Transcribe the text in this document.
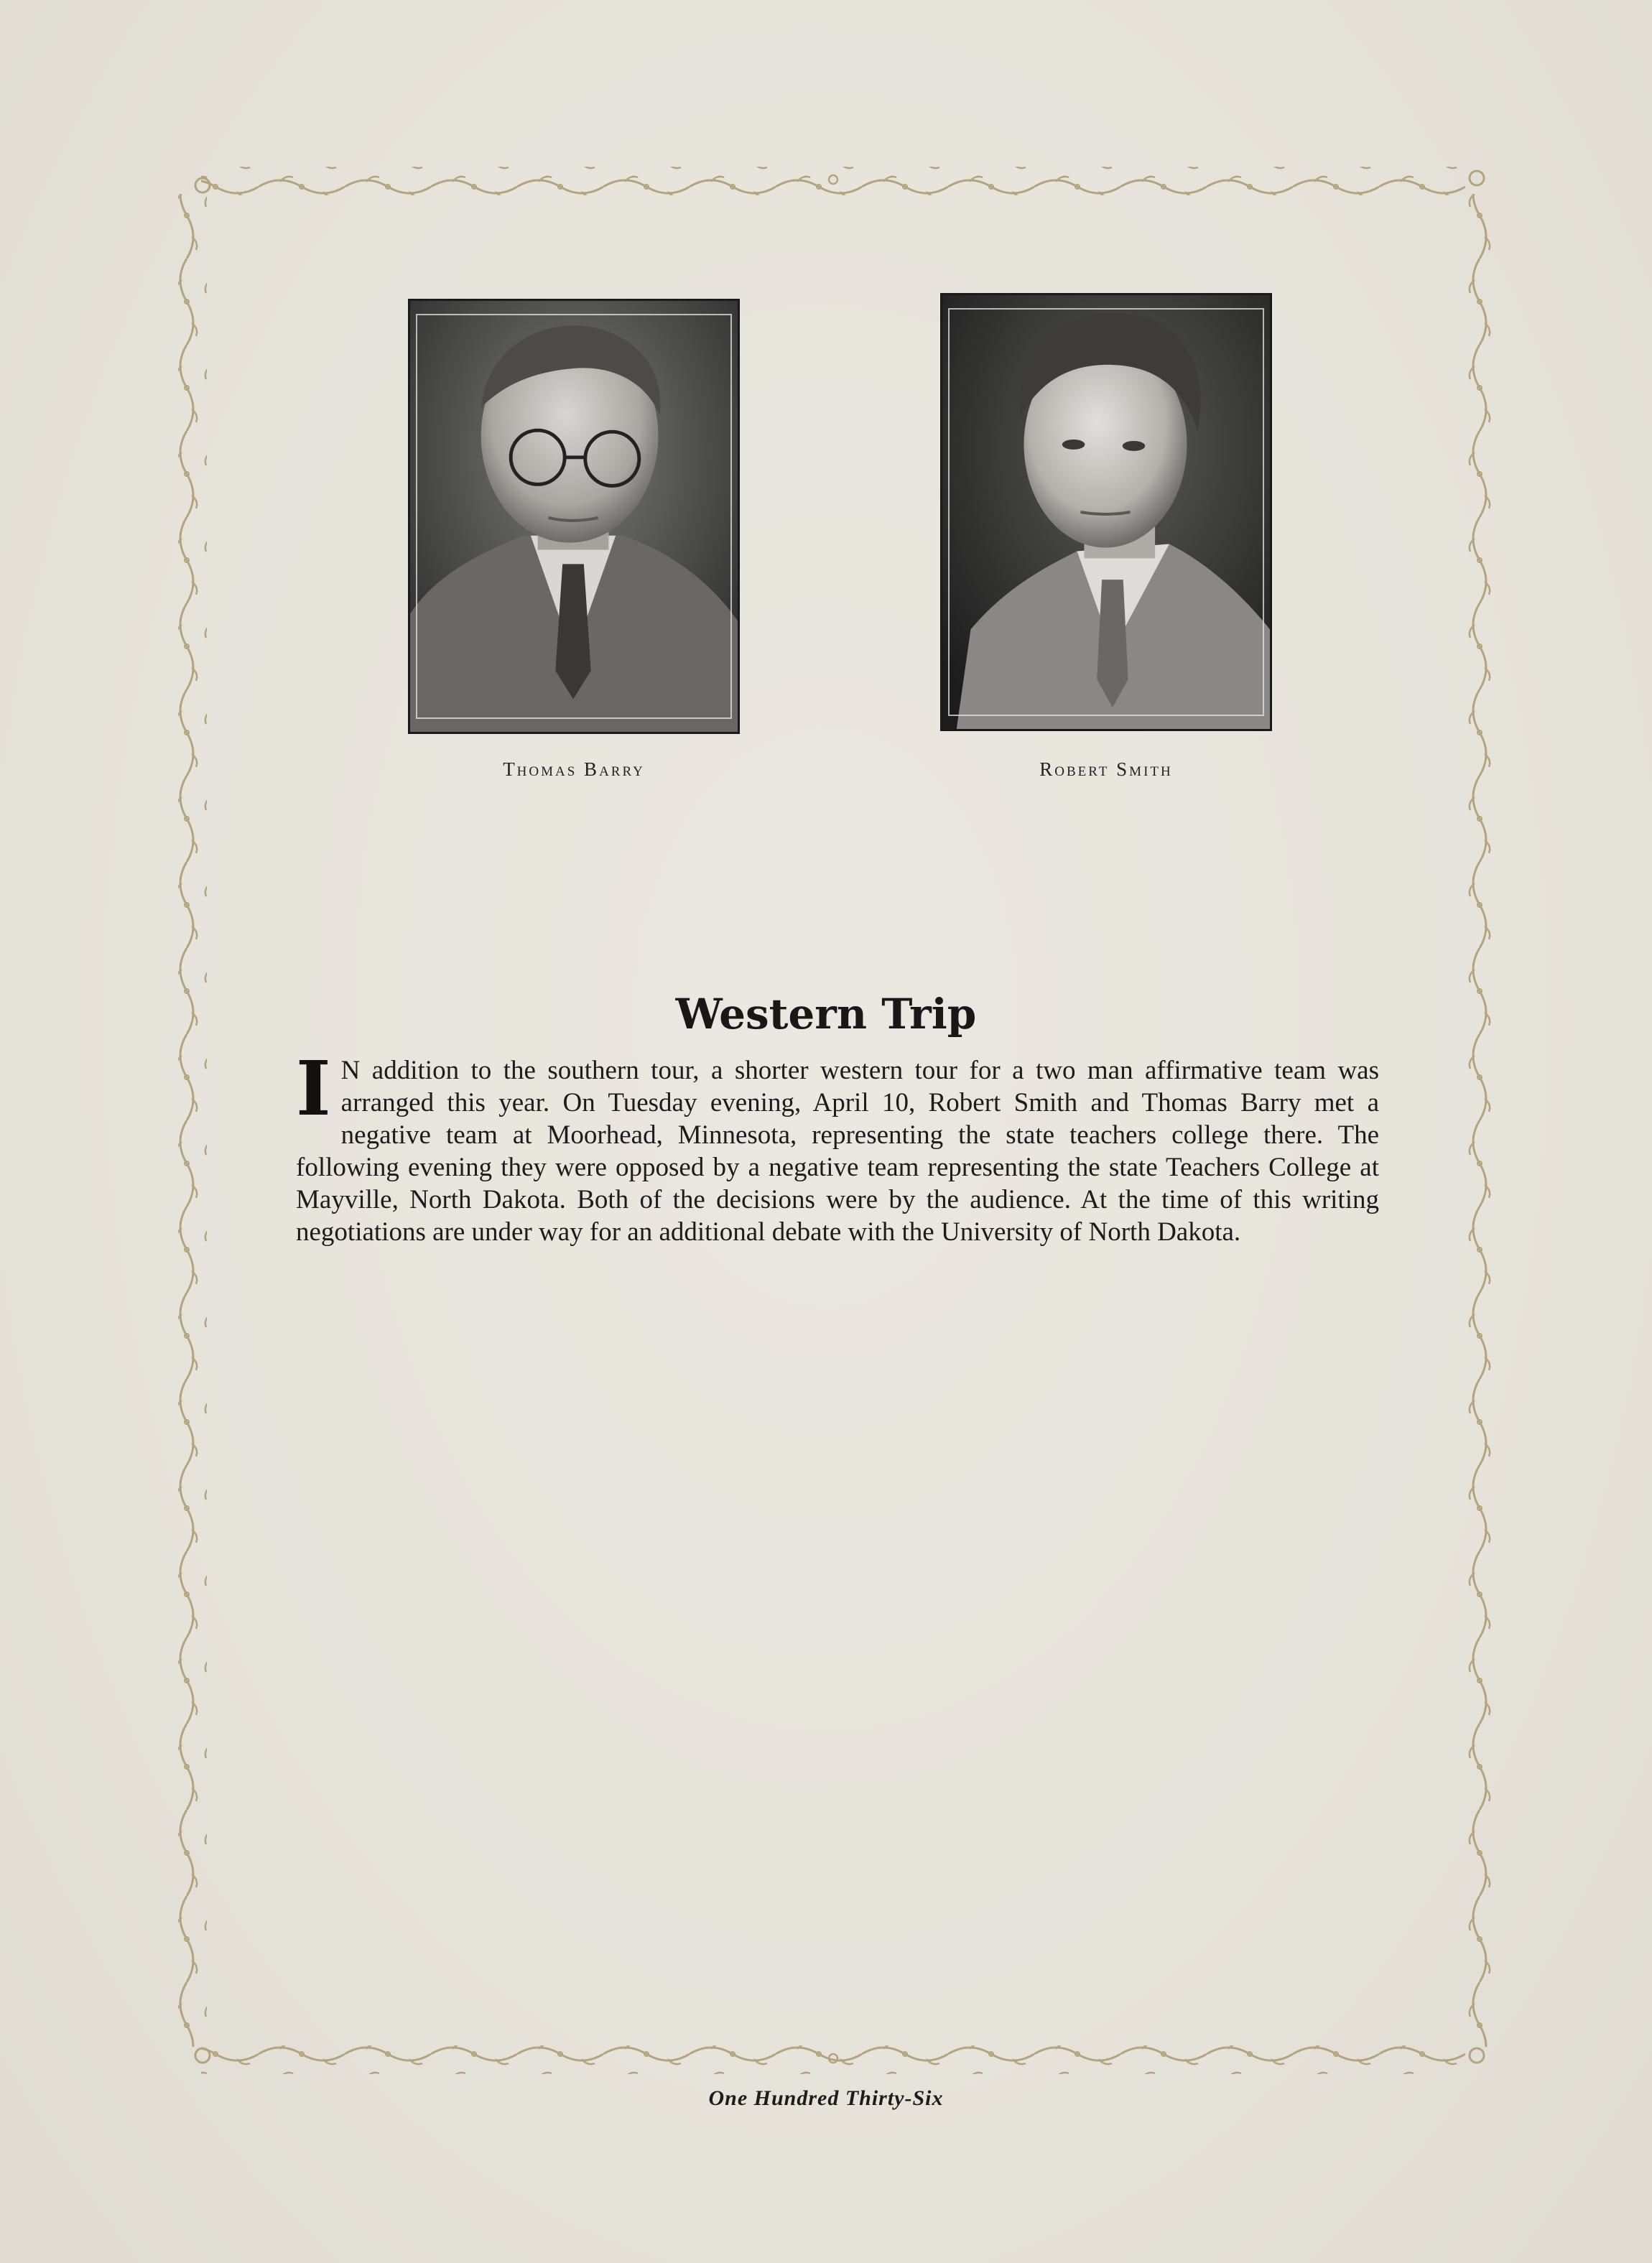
Thomas Barry	Robert Smith
Western Trip
I N addition to the southern tour, a shorter western tour for a two man affirmative team was arranged this year. On Tuesday evening, April 10, Robert Smith and Thomas Barry met a negative team at Moorhead, Minnesota, representing the state teachers college there. The following evening they were opposed by a negative team representing the state Teachers College at Mayville, North Dakota. Both of the decisions were by the audience. At the time of this writing negotiations are under way for an additional debate with the University of North Dakota.
One Hundred Thirty-Six
